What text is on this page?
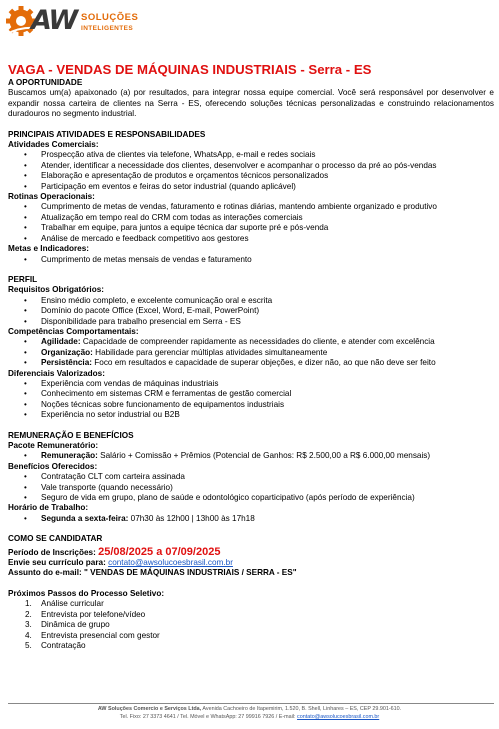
AW SOLUÇÕES
INTELIGENTES
VAGA - VENDAS DE MÁQUINAS INDUSTRIAIS - Serra - ES
A OPORTUNIDADE
Buscamos um(a) apaixonado (a) por resultados, para integrar nossa equipe comercial. Você será responsável por desenvolver e expandir nossa carteira de clientes na Serra - ES, oferecendo soluções técnicas personalizadas e construindo relacionamentos duradouros no segmento industrial.
PRINCIPAIS ATIVIDADES E RESPONSABILIDADES
Atividades Comerciais:
• Prospecção ativa de clientes via telefone, WhatsApp, e-mail e redes sociais
• Atender, identificar a necessidade dos clientes, desenvolver e acompanhar o processo da pré ao pós-vendas
• Elaboração e apresentação de produtos e orçamentos técnicos personalizados
• Participação em eventos e feiras do setor industrial (quando aplicável)
Rotinas Operacionais:
• Cumprimento de metas de vendas, faturamento e rotinas diárias, mantendo ambiente organizado e produtivo
• Atualização em tempo real do CRM com todas as interações comerciais
• Trabalhar em equipe, para juntos a equipe técnica dar suporte pré e pós-venda
• Análise de mercado e feedback competitivo aos gestores
Metas e Indicadores:
• Cumprimento de metas mensais de vendas e faturamento
PERFIL
Requisitos Obrigatórios:
• Ensino médio completo, e excelente comunicação oral e escrita
• Domínio do pacote Office (Excel, Word, E-mail, PowerPoint)
• Disponibilidade para trabalho presencial em Serra - ES
Competências Comportamentais:
• Agilidade: Capacidade de compreender rapidamente as necessidades do cliente, e atender com excelência
• Organização: Habilidade para gerenciar múltiplas atividades simultaneamente
• Persistência: Foco em resultados e capacidade de superar objeções, e dizer não, ao que não deve ser feito
Diferenciais Valorizados:
• Experiência com vendas de máquinas industriais
• Conhecimento em sistemas CRM e ferramentas de gestão comercial
• Noções técnicas sobre funcionamento de equipamentos industriais
• Experiência no setor industrial ou B2B
REMUNERAÇÃO E BENEFÍCIOS
Pacote Remuneratório:
• Remuneração: Salário + Comissão + Prêmios (Potencial de Ganhos: R$ 2.500,00 a R$ 6.000,00 mensais)
Benefícios Oferecidos:
• Contratação CLT com carteira assinada
• Vale transporte (quando necessário)
• Seguro de vida em grupo, plano de saúde e odontológico coparticipativo (após período de experiência)
Horário de Trabalho:
• Segunda a sexta-feira: 07h30 às 12h00 | 13h00 às 17h18
COMO SE CANDIDATAR
Período de Inscrições: 25/08/2025 a 07/09/2025
Envie seu currículo para: contato@awsolucoesbrasil.com.br
Assunto do e-mail: " VENDAS DE MÁQUINAS INDUSTRIAIS / SERRA - ES"
Próximos Passos do Processo Seletivo:
1. Análise curricular
2. Entrevista por telefone/vídeo
3. Dinâmica de grupo
4. Entrevista presencial com gestor
5. Contratação
AW Soluções Comercio e Serviços Ltda, Avenida Cachoeiro de Itapemirim, 1.520, B. Shell, Linhares – ES, CEP 29.901-610.
Tel. Fixo: 27 3373 4641 / Tel. Móvel e WhatsApp: 27 99916 7926 / E-mail: contato@awsolucoesbrasil.com.br
